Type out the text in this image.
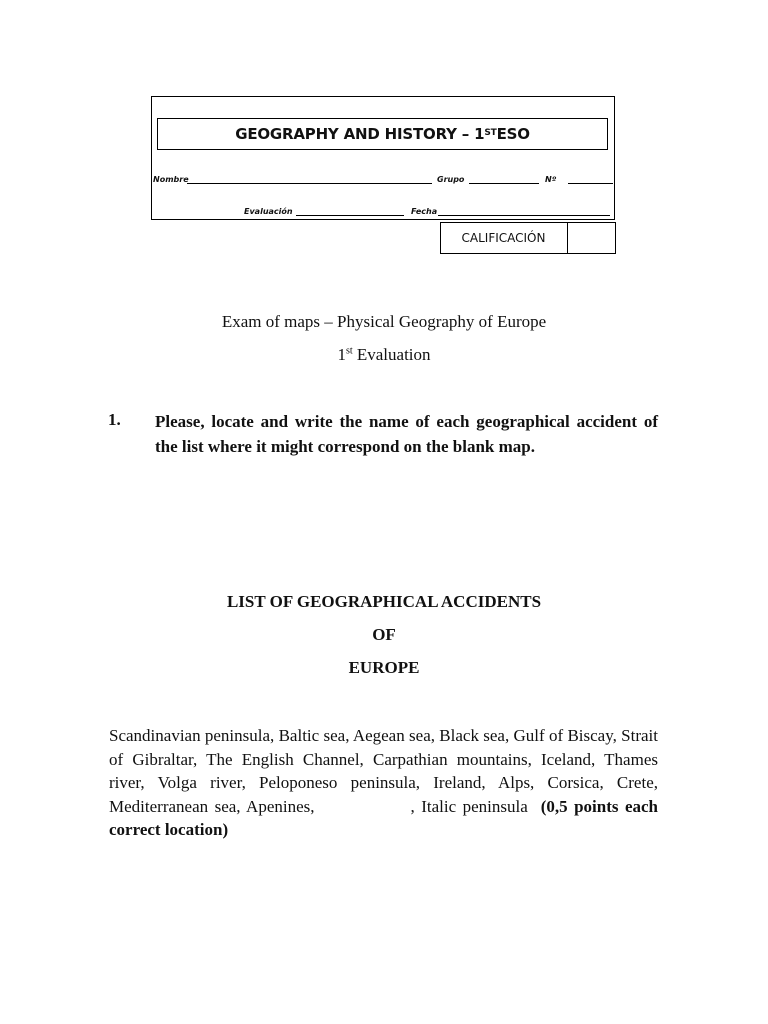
GEOGRAPHY AND HISTORY – 1ST ESO
Nombre	Grupo	Nº
Evaluación	Fecha
CALIFICACIÓN
Exam of maps – Physical Geography of Europe
1st Evaluation
1. Please, locate and write the name of each geographical accident of the list where it might correspond on the blank map.
LIST OF GEOGRAPHICAL ACCIDENTS
OF
EUROPE
Scandinavian peninsula, Baltic sea, Aegean sea, Black sea, Gulf of Biscay, Strait of Gibraltar, The English Channel, Carpathian mountains, Iceland, Thames river, Volga river, Peloponeso peninsula, Ireland, Alps, Corsica, Crete, Mediterranean sea, Apenines,	, Italic peninsula (0,5 points each correct location)
